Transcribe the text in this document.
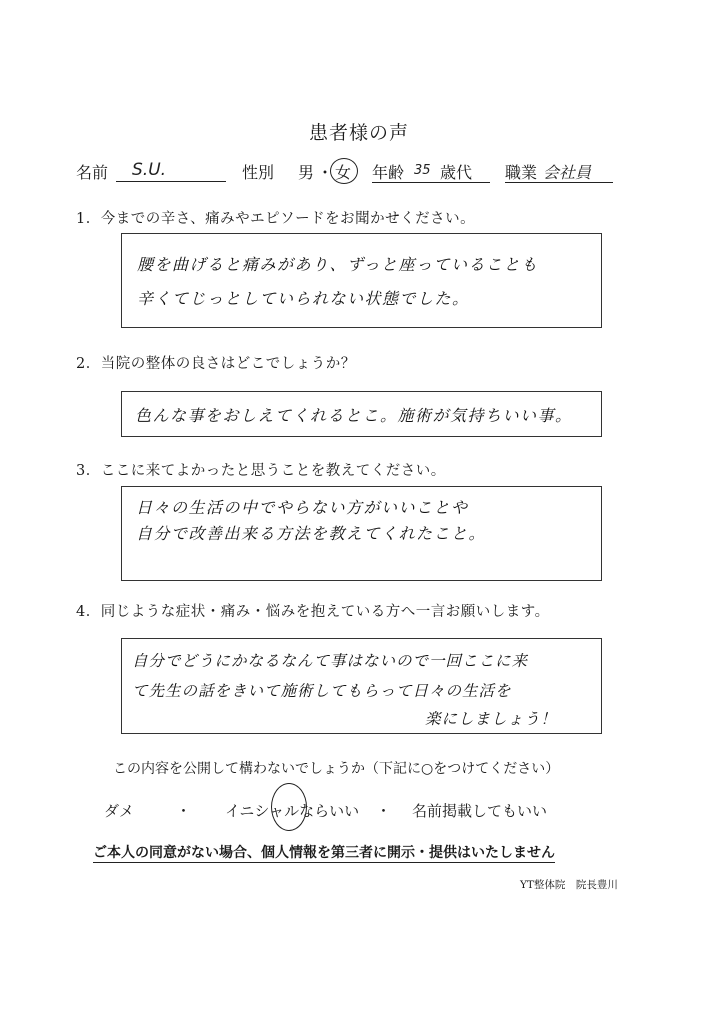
患者様の声
名前	S.U.	性別 男 ・ 女 年齢 35 歳代 職業 会社員
1．今までの辛さ、痛みやエピソードをお聞かせください。
腰を曲げると痛みがあり、ずっと座っていることも
辛くてじっとしていられない状態でした。
2．当院の整体の良さはどこでしょうか？
色んな事をおしえてくれるとこ。施術が気持ちいい事。
3．ここに来てよかったと思うことを教えてください。
日々の生活の中でやらない方がいいことや
自分で改善出来る方法を教えてくれたこと。
4．同じような症状・痛み・悩みを抱えている方へ一言お願いします。
自分でどうにかなるなんて事はないので一回ここに来
て先生の話をきいて施術してもらって日々の生活を
楽にしましょう！
この内容を公開して構わないでしょうか（下記に○をつけてください）
ダメ	・ イニシャルならいい ・ 名前掲載してもいい
ご本人の同意がない場合、個人情報を第三者に開示・提供はいたしません
YT整体院　院長豊川
